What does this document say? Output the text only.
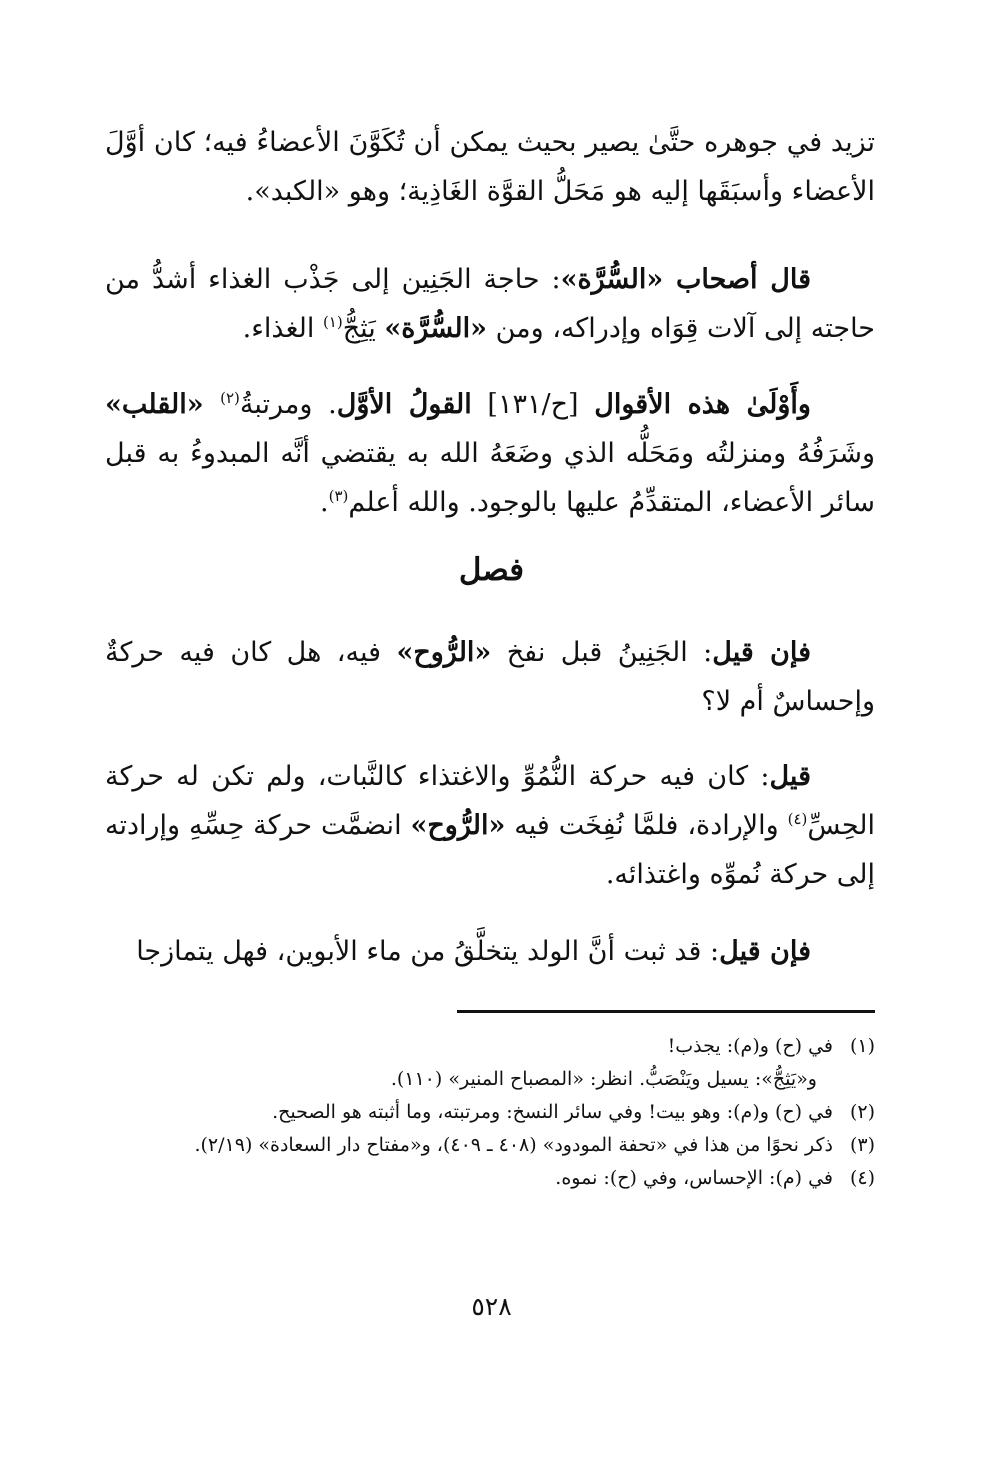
تزيد في جوهره حتَّىٰ يصير بحيث يمكن أن تُكَوَّنَ الأعضاءُ فيه؛ كان أوَّلَ الأعضاء وأسبَقَها إليه هو مَحَلُّ القوَّة الغَاذِية؛ وهو «الكبد».
قال أصحاب «السُّرَّة»: حاجة الجَنِين إلى جَذْب الغذاء أشدُّ من حاجته إلى آلات قِوَاه وإدراكه، ومن «السُّرَّة» يَثِجُّ$^{(١)}$ الغذاء.
وأَوْلَىٰ هذه الأقوال [ح/١٣١] القولُ الأوَّل. ومرتبةُ$^{(٢)}$ «القلب» وشَرَفُهُ ومنزلتُه ومَحَلُّه الذي وضَعَهُ الله به يقتضي أنَّه المبدوءُ به قبل سائر الأعضاء، المتقدِّمُ عليها بالوجود. والله أعلم$^{(٣)}$.
فصل
فإن قيل: الجَنِينُ قبل نفخ «الرُّوح» فيه، هل كان فيه حركةٌ وإحساسٌ أم لا؟
قيل: كان فيه حركة النُّمُوِّ والاغتذاء كالنَّبات، ولم تكن له حركة الحِسِّ$^{(٤)}$ والإرادة، فلمَّا نُفِخَت فيه «الرُّوح» انضمَّت حركة حِسِّهِ وإرادته إلى حركة نُموِّه واغتذائه.
فإن قيل: قد ثبت أنَّ الولد يتخلَّقُ من ماء الأبوين، فهل يتمازجا
(١)
في (ح) و(م): يجذب!
و«يَثِجُّ»: يسيل ويَنْصَبُّ. انظر: «المصباح المنير» (١١٠).
(٢)
في (ح) و(م): وهو بيت! وفي سائر النسخ: ومرتبته، وما أثبته هو الصحيح.
(٣)
ذكر نحوًا من هذا في «تحفة المودود» (٤٠٨ ـ ٤٠٩)، و«مفتاح دار السعادة» (٢/١٩).
(٤)
في (م): الإحساس، وفي (ح): نموه.
٥٢٨
